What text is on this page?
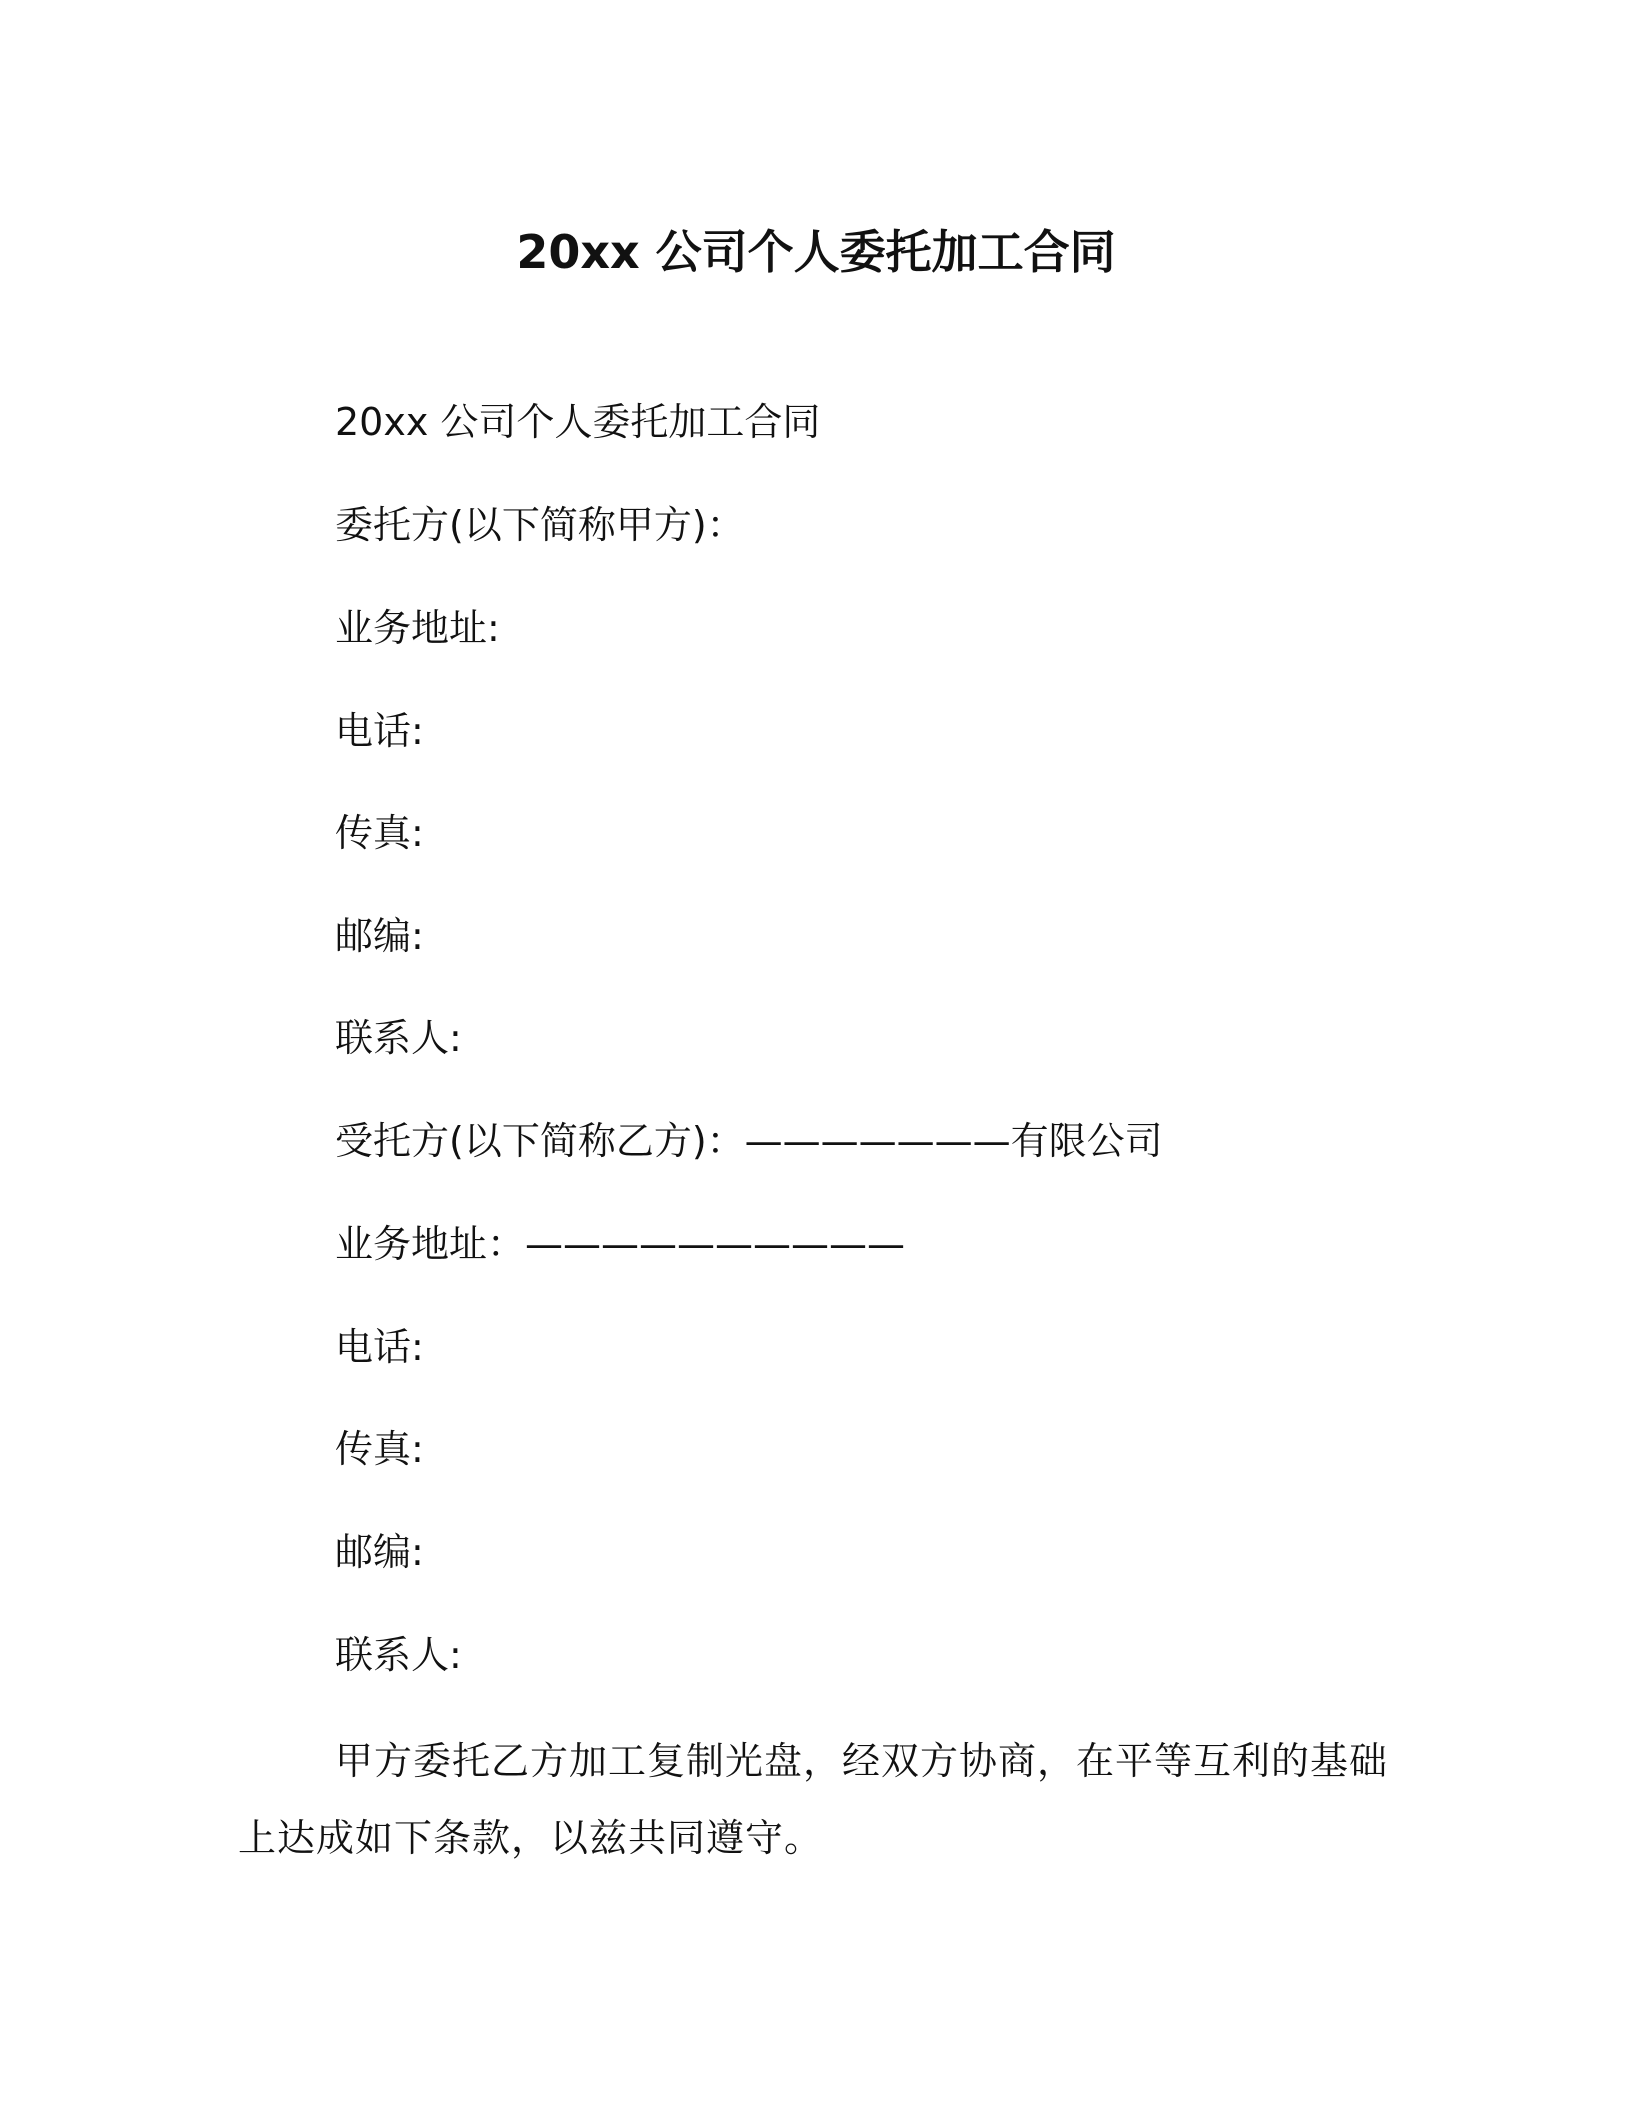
20xx 公司个人委托加工合同
20xx 公司个人委托加工合同
委托方(以下简称甲方)：
业务地址:
电话:
传真:
邮编:
联系人:
受托方(以下简称乙方)：———————有限公司
业务地址：——————————
电话:
传真:
邮编:
联系人:
甲方委托乙方加工复制光盘，经双方协商，在平等互利的基础上达成如下条款，以兹共同遵守。
